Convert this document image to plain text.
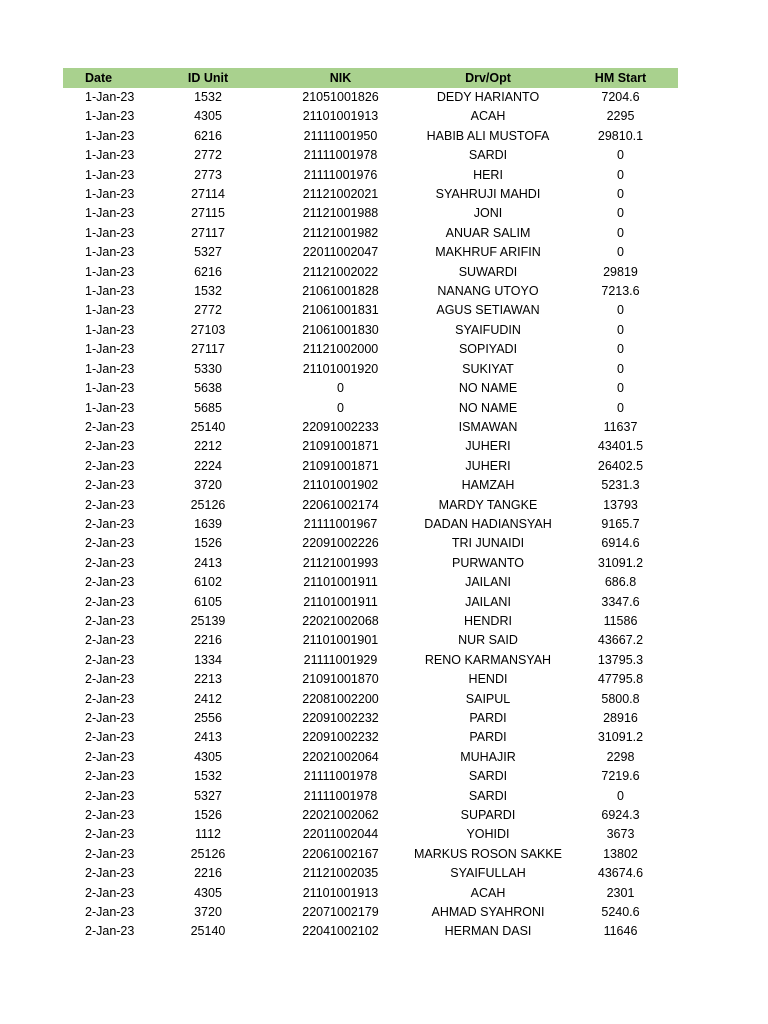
Date	ID Unit	NIK	Drv/Opt	HM Start
1-Jan-23	1532	21051001826	DEDY HARIANTO	7204.6
1-Jan-23	4305	21101001913	ACAH	2295
1-Jan-23	6216	21111001950	HABIB ALI MUSTOFA	29810.1
1-Jan-23	2772	21111001978	SARDI	0
1-Jan-23	2773	21111001976	HERI	0
1-Jan-23	27114	21121002021	SYAHRUJI MAHDI	0
1-Jan-23	27115	21121001988	JONI	0
1-Jan-23	27117	21121001982	ANUAR SALIM	0
1-Jan-23	5327	22011002047	MAKHRUF ARIFIN	0
1-Jan-23	6216	21121002022	SUWARDI	29819
1-Jan-23	1532	21061001828	NANANG UTOYO	7213.6
1-Jan-23	2772	21061001831	AGUS SETIAWAN	0
1-Jan-23	27103	21061001830	SYAIFUDIN	0
1-Jan-23	27117	21121002000	SOPIYADI	0
1-Jan-23	5330	21101001920	SUKIYAT	0
1-Jan-23	5638	0	NO NAME	0
1-Jan-23	5685	0	NO NAME	0
2-Jan-23	25140	22091002233	ISMAWAN	11637
2-Jan-23	2212	21091001871	JUHERI	43401.5
2-Jan-23	2224	21091001871	JUHERI	26402.5
2-Jan-23	3720	21101001902	HAMZAH	5231.3
2-Jan-23	25126	22061002174	MARDY TANGKE	13793
2-Jan-23	1639	21111001967	DADAN HADIANSYAH	9165.7
2-Jan-23	1526	22091002226	TRI JUNAIDI	6914.6
2-Jan-23	2413	21121001993	PURWANTO	31091.2
2-Jan-23	6102	21101001911	JAILANI	686.8
2-Jan-23	6105	21101001911	JAILANI	3347.6
2-Jan-23	25139	22021002068	HENDRI	11586
2-Jan-23	2216	21101001901	NUR SAID	43667.2
2-Jan-23	1334	21111001929	RENO KARMANSYAH	13795.3
2-Jan-23	2213	21091001870	HENDI	47795.8
2-Jan-23	2412	22081002200	SAIPUL	5800.8
2-Jan-23	2556	22091002232	PARDI	28916
2-Jan-23	2413	22091002232	PARDI	31091.2
2-Jan-23	4305	22021002064	MUHAJIR	2298
2-Jan-23	1532	21111001978	SARDI	7219.6
2-Jan-23	5327	21111001978	SARDI	0
2-Jan-23	1526	22021002062	SUPARDI	6924.3
2-Jan-23	1112	22011002044	YOHIDI	3673
2-Jan-23	25126	22061002167	MARKUS ROSON SAKKE	13802
2-Jan-23	2216	21121002035	SYAIFULLAH	43674.6
2-Jan-23	4305	21101001913	ACAH	2301
2-Jan-23	3720	22071002179	AHMAD SYAHRONI	5240.6
2-Jan-23	25140	22041002102	HERMAN DASI	11646
